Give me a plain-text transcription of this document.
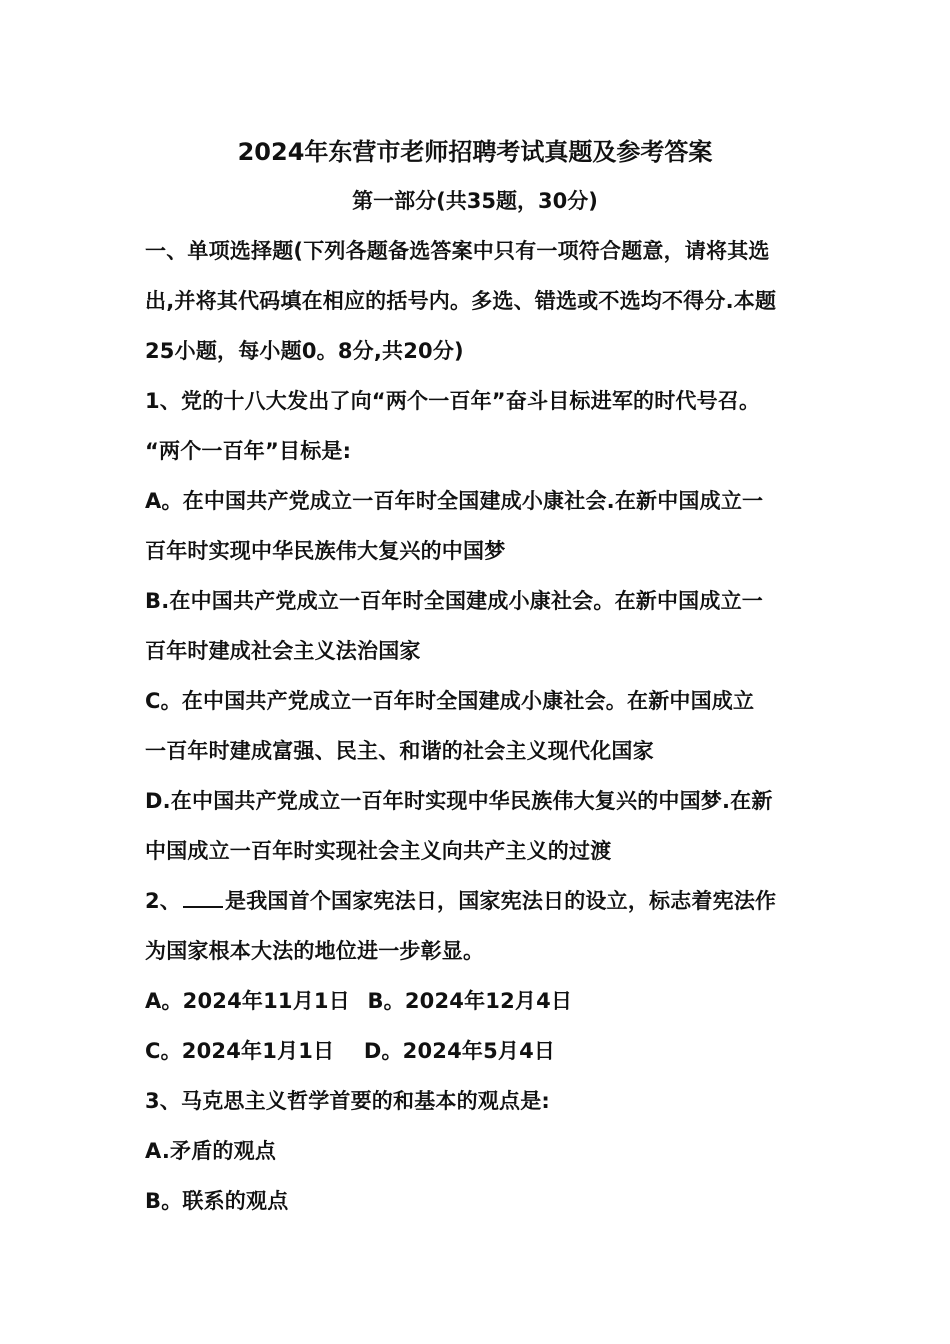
2024年东营市老师招聘考试真题及参考答案
第一部分(共35题，30分)
一、单项选择题(下列各题备选答案中只有一项符合题意，请将其选
出,并将其代码填在相应的括号内。多选、错选或不选均不得分.本题
25小题，每小题0。8分,共20分)
1、党的十八大发出了向“两个一百年”奋斗目标进军的时代号召。
“两个一百年”目标是:
A。在中国共产党成立一百年时全国建成小康社会.在新中国成立一
百年时实现中华民族伟大复兴的中国梦
B.在中国共产党成立一百年时全国建成小康社会。在新中国成立一
百年时建成社会主义法治国家
C。在中国共产党成立一百年时全国建成小康社会。在新中国成立
一百年时建成富强、民主、和谐的社会主义现代化国家
D.在中国共产党成立一百年时实现中华民族伟大复兴的中国梦.在新
中国成立一百年时实现社会主义向共产主义的过渡
2、 是我国首个国家宪法日，国家宪法日的设立，标志着宪法作
为国家根本大法的地位进一步彰显。
A。2024年11月1日 B。2024年12月4日
C。2024年1月1日 D。2024年5月4日
3、马克思主义哲学首要的和基本的观点是:
A.矛盾的观点
B。联系的观点
